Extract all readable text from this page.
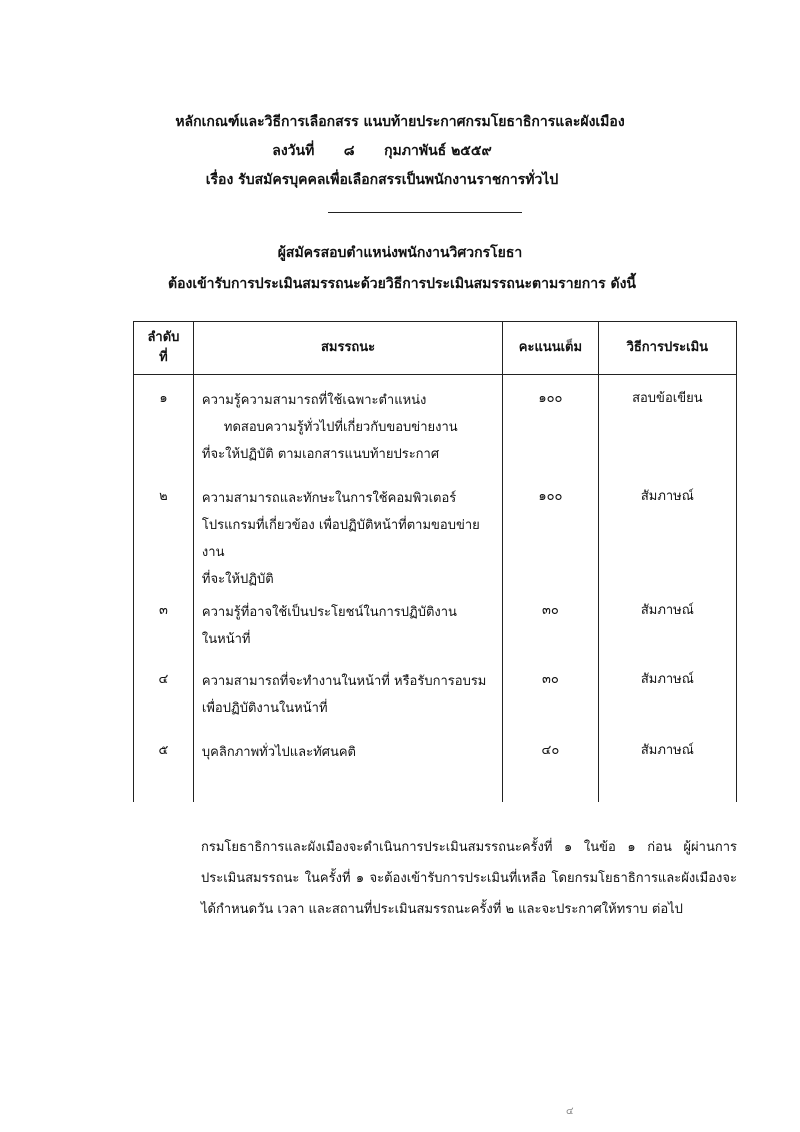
หลักเกณฑ์และวิธีการเลือกสรร แนบท้ายประกาศกรมโยธาธิการและผังเมือง
ลงวันที่ ๘ กุมภาพันธ์ ๒๕๕๙
เรื่อง รับสมัครบุคคลเพื่อเลือกสรรเป็นพนักงานราชการทั่วไป
ผู้สมัครสอบตำแหน่งพนักงานวิศวกรโยธา
ต้องเข้ารับการประเมินสมรรถนะด้วยวิธีการประเมินสมรรถนะตามรายการ ดังนี้
ลำดับ
ที่	สมรรถนะ	คะแนนเต็ม	วิธีการประเมิน
๑	ความรู้ความสามารถที่ใช้เฉพาะตำแหน่ง
ทดสอบความรู้ทั่วไปที่เกี่ยวกับขอบข่ายงาน
ที่จะให้ปฏิบัติ ตามเอกสารแนบท้ายประกาศ	๑๐๐	สอบข้อเขียน
๒	ความสามารถและทักษะในการใช้คอมพิวเตอร์
โปรแกรมที่เกี่ยวข้อง เพื่อปฏิบัติหน้าที่ตามขอบข่ายงาน
ที่จะให้ปฏิบัติ	๑๐๐	สัมภาษณ์
๓	ความรู้ที่อาจใช้เป็นประโยชน์ในการปฏิบัติงาน
ในหน้าที่	๓๐	สัมภาษณ์
๔	ความสามารถที่จะทำงานในหน้าที่ หรือรับการอบรม
เพื่อปฏิบัติงานในหน้าที่	๓๐	สัมภาษณ์
๕	บุคลิกภาพทั่วไปและทัศนคติ	๔๐	สัมภาษณ์
กรมโยธาธิการและผังเมืองจะดำเนินการประเมินสมรรถนะครั้งที่ ๑ ในข้อ ๑ ก่อน ผู้ผ่านการประเมินสมรรถนะ ในครั้งที่ ๑ จะต้องเข้ารับการประเมินที่เหลือ โดยกรมโยธาธิการและผังเมืองจะได้กำหนดวัน เวลา และสถานที่ประเมินสมรรถนะครั้งที่ ๒ และจะประกาศให้ทราบ ต่อไป
๔
